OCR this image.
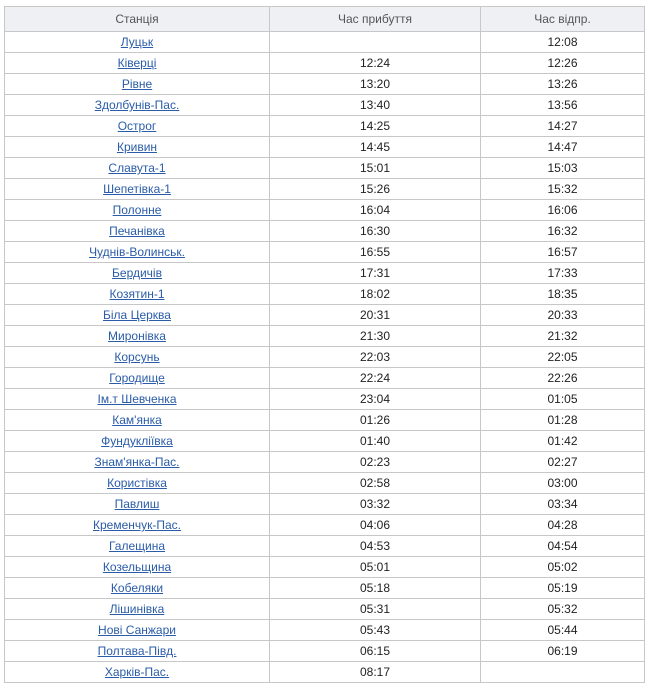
Станція	Час прибуття	Час відпр.
Луцьк		12:08
Ківерці	12:24	12:26
Рівне	13:20	13:26
Здолбунів-Пас.	13:40	13:56
Острог	14:25	14:27
Кривин	14:45	14:47
Славута-1	15:01	15:03
Шепетівка-1	15:26	15:32
Полонне	16:04	16:06
Печанівка	16:30	16:32
Чуднів-Волинськ.	16:55	16:57
Бердичів	17:31	17:33
Козятин-1	18:02	18:35
Біла Церква	20:31	20:33
Миронівка	21:30	21:32
Корсунь	22:03	22:05
Городище	22:24	22:26
Ім.т Шевченка	23:04	01:05
Кам'янка	01:26	01:28
Фундуклiївка	01:40	01:42
Знам'янка-Пас.	02:23	02:27
Користівка	02:58	03:00
Павлиш	03:32	03:34
Кременчук-Пас.	04:06	04:28
Галещина	04:53	04:54
Козельщина	05:01	05:02
Кобеляки	05:18	05:19
Лiшинiвка	05:31	05:32
Нові Санжари	05:43	05:44
Полтава-Півд.	06:15	06:19
Харків-Пас.	08:17	
